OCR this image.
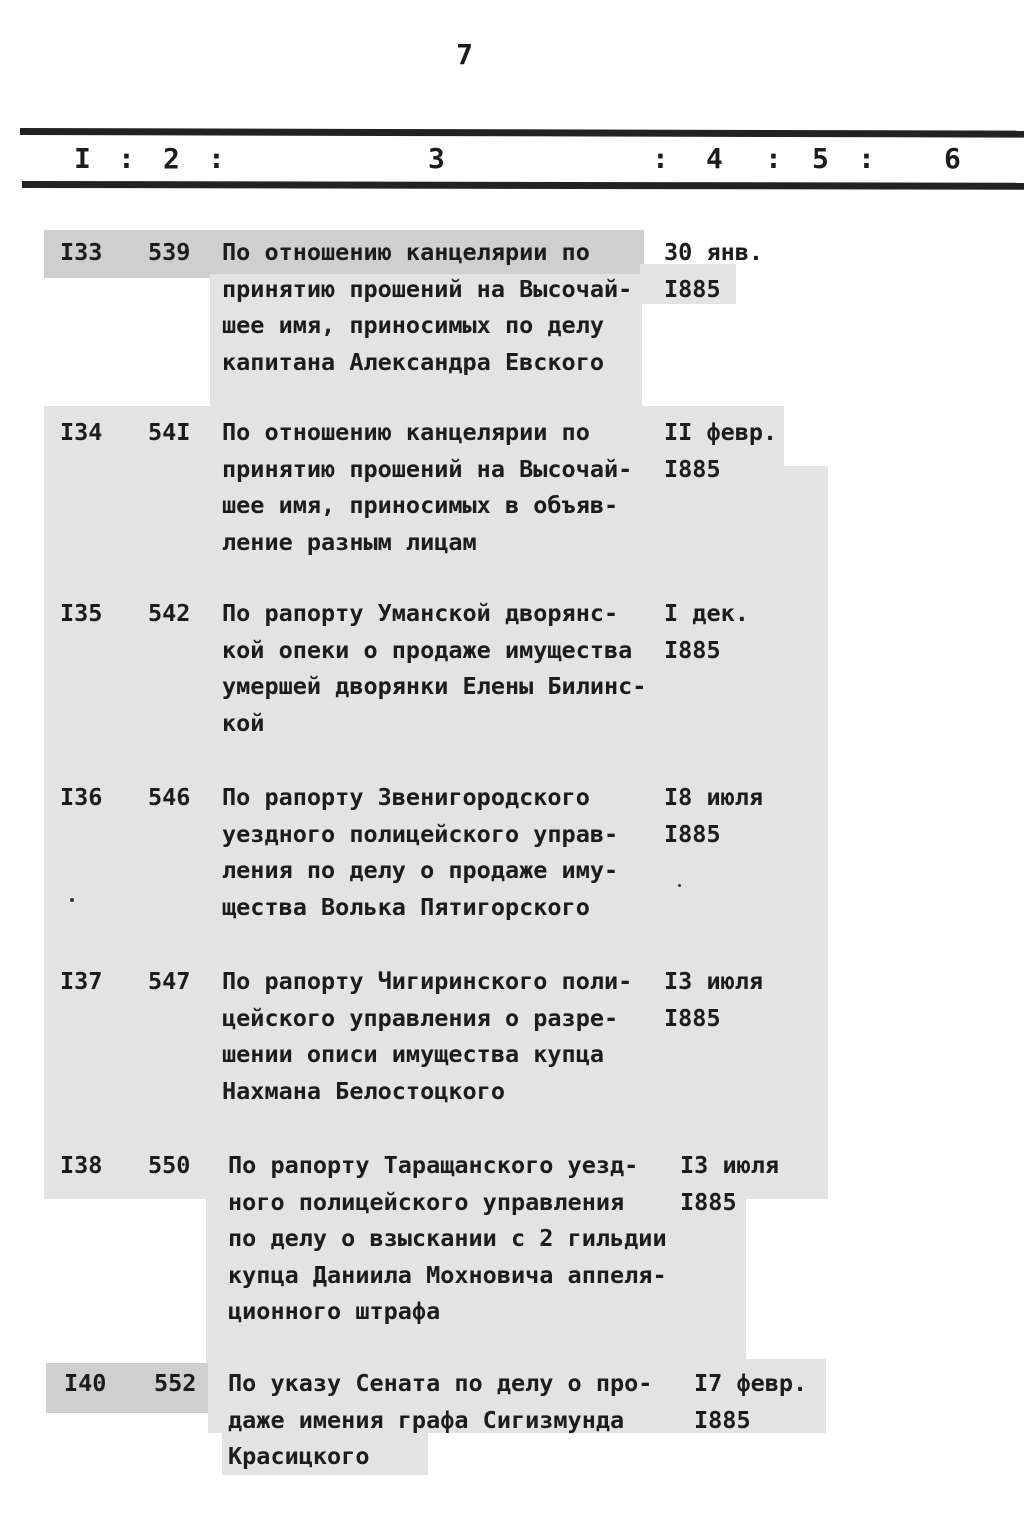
7
I : 2 :	3	: 4 : 5 : 6
I33	539	По отношению канцелярии по
принятию прошений на Высочай-
шее имя, приносимых по делу
капитана Александра Евского
30 янв.
I885
I34	54I	По отношению канцелярии по
принятию прошений на Высочай-
шее имя, приносимых в объяв-
ление разным лицам
II февр.
I885
I35	542	По рапорту Уманской дворянс-
кой опеки о продаже имущества
умершей дворянки Елены Билинс-
кой
I дек.
I885
I36	546	По рапорту Звенигородского
уездного полицейского управ-
ления по делу о продаже иму-
щества Волька Пятигорского
I8 июля
I885
I37	547	По рапорту Чигиринского поли-
цейского управления о разре-
шении описи имущества купца
Нахмана Белостоцкого
I3 июля
I885
I38	550	По рапорту Таращанского уезд-
ного полицейского управления
по делу о взыскании с 2 гильдии
купца Даниила Мохновича аппеля-
ционного штрафа
I3 июля
I885
I40	552	По указу Сената по делу о про-
даже имения графа Сигизмунда
Красицкого
I7 февр.
I885
